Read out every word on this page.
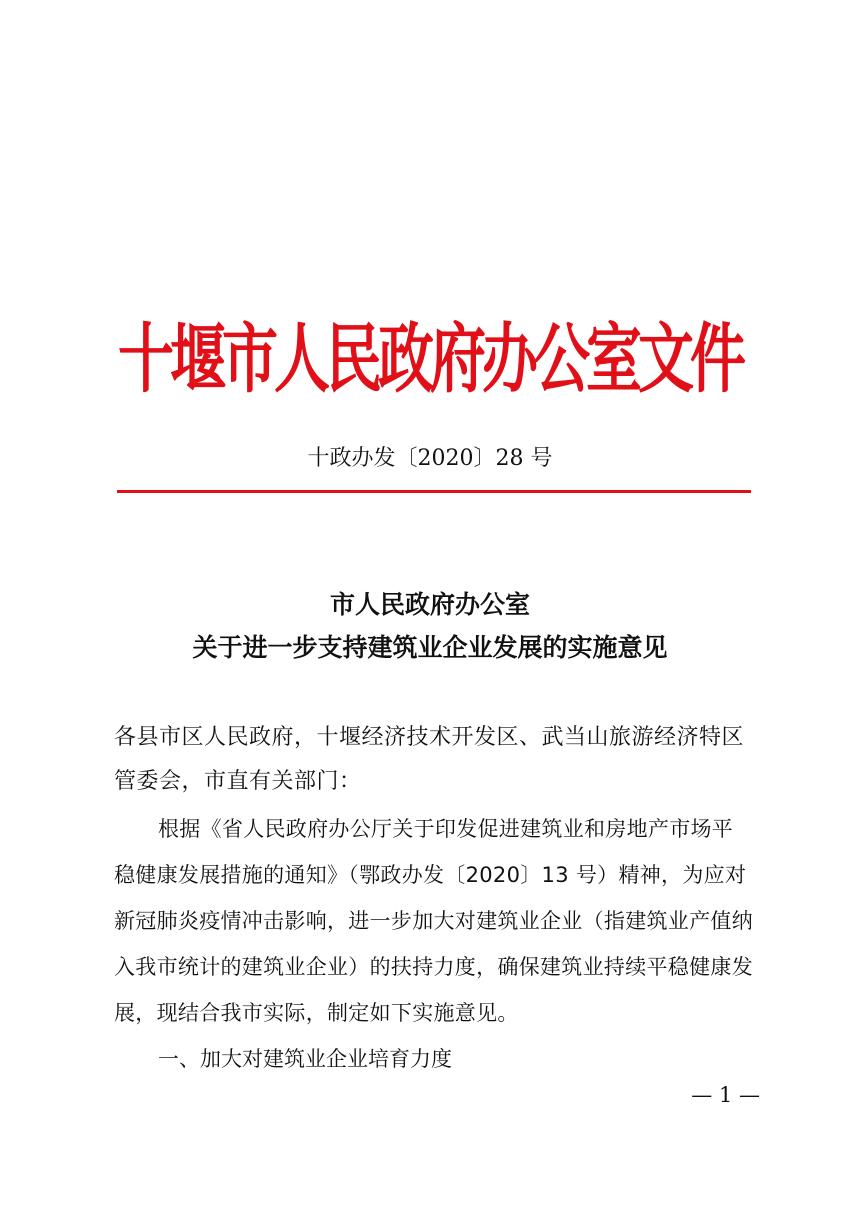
十堰市人民政府办公室文件
十政办发〔2020〕28 号
市人民政府办公室
关于进一步支持建筑业企业发展的实施意见
各县市区人民政府，十堰经济技术开发区、武当山旅游经济特区
管委会，市直有关部门：

根据《省人民政府办公厅关于印发促进建筑业和房地产市场平稳健康发展措施的通知》（鄂政办发〔2020〕13 号）精神，为应对新冠肺炎疫情冲击影响，进一步加大对建筑业企业（指建筑业产值纳入我市统计的建筑业企业）的扶持力度，确保建筑业持续平稳健康发展，现结合我市实际，制定如下实施意见。

一、加大对建筑业企业培育力度

— 1 —
